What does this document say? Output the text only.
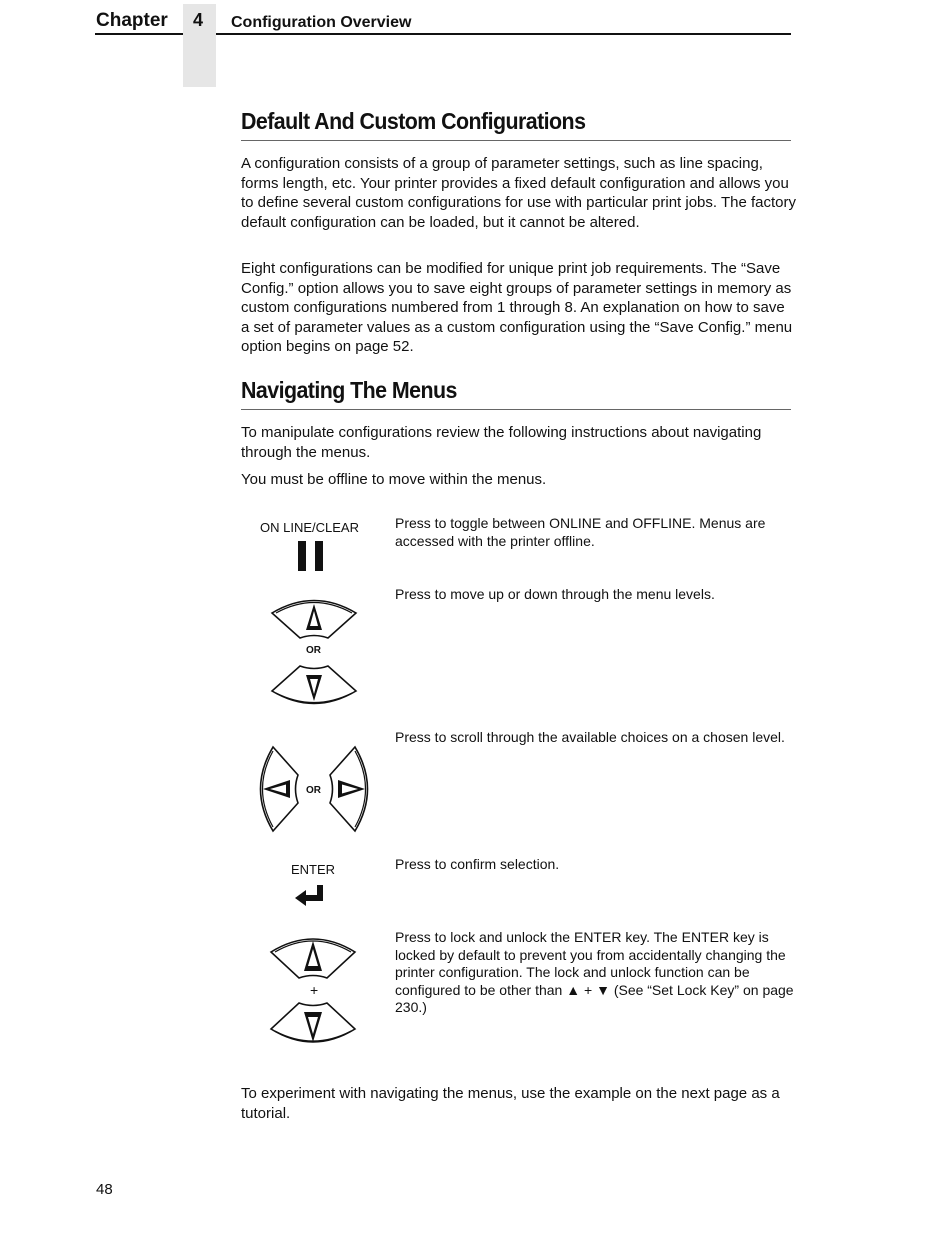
Chapter 4 Configuration Overview
Default And Custom Configurations

A configuration consists of a group of parameter settings, such as line spacing, forms length, etc. Your printer provides a fixed default configuration and allows you to define several custom configurations for use with particular print jobs. The factory default configuration can be loaded, but it cannot be altered.

Eight configurations can be modified for unique print job requirements. The “Save Config.” option allows you to save eight groups of parameter settings in memory as custom configurations numbered from 1 through 8. An explanation on how to save a set of parameter values as a custom configuration using the “Save Config.” menu option begins on page 52.

Navigating The Menus

To manipulate configurations review the following instructions about navigating through the menus.

You must be offline to move within the menus.

ON LINE/CLEAR	Press to toggle between ONLINE and OFFLINE. Menus are accessed with the printer offline.

OR

Press to move up or down through the menu levels.

OR

Press to scroll through the available choices on a chosen level.

ENTER	Press to confirm selection.

+

Press to lock and unlock the ENTER key. The ENTER key is locked by default to prevent you from accidentally changing the printer configuration. The lock and unlock function can be configured to be other than ▲ + ▼ (See “Set Lock Key” on page 230.)

To experiment with navigating the menus, use the example on the next page as a tutorial.

48
